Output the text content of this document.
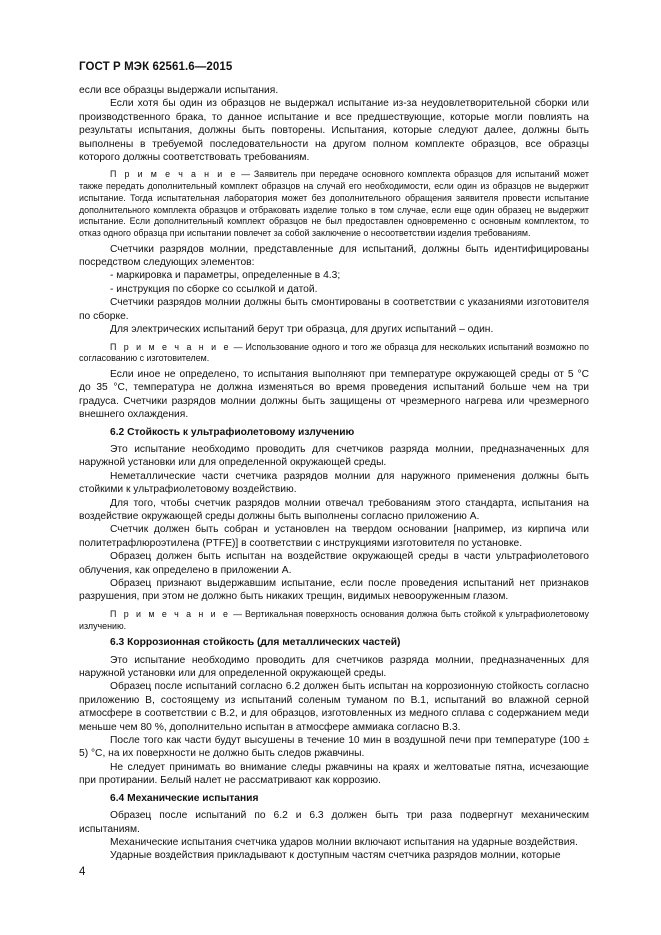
ГОСТ Р МЭК 62561.6—2015

если все образцы выдержали испытания.

Если хотя бы один из образцов не выдержал испытание из-за неудовлетворительной сборки или производственного брака, то данное испытание и все предшествующие, которые могли повлиять на результаты испытания, должны быть повторены. Испытания, которые следуют далее, должны быть выполнены в требуемой последовательности на другом полном комплекте образцов, все образцы которого должны соответствовать требованиям.

П р и м е ч а н и е — Заявитель при передаче основного комплекта образцов для испытаний может также передать дополнительный комплект образцов на случай его необходимости, если один из образцов не выдержит испытание. Тогда испытательная лаборатория может без дополнительного обращения заявителя провести испытание дополнительного комплекта образцов и отбраковать изделие только в том случае, если еще один образец не выдержит испытание. Если дополнительный комплект образцов не был предоставлен одновременно с основным комплектом, то отказ одного образца при испытании повлечет за собой заключение о несоответствии изделия требованиям.

Счетчики разрядов молнии, представленные для испытаний, должны быть идентифицированы посредством следующих элементов:

- маркировка и параметры, определенные в 4.3;

- инструкция по сборке со ссылкой и датой.

Счетчики разрядов молнии должны быть смонтированы в соответствии с указаниями изготовителя по сборке.

Для электрических испытаний берут три образца, для других испытаний – один.

П р и м е ч а н и е — Использование одного и того же образца для нескольких испытаний возможно по согласованию с изготовителем.

Если иное не определено, то испытания выполняют при температуре окружающей среды от 5 °С до 35 °С, температура не должна изменяться во время проведения испытаний больше чем на три градуса. Счетчики разрядов молнии должны быть защищены от чрезмерного нагрева или чрезмерного внешнего охлаждения.

6.2 Стойкость к ультрафиолетовому излучению

Это испытание необходимо проводить для счетчиков разряда молнии, предназначенных для наружной установки или для определенной окружающей среды.

Неметаллические части счетчика разрядов молнии для наружного применения должны быть стойкими к ультрафиолетовому воздействию.

Для того, чтобы счетчик разрядов молнии отвечал требованиям этого стандарта, испытания на воздействие окружающей среды должны быть выполнены согласно приложению А.

Счетчик должен быть собран и установлен на твердом основании [например, из кирпича или политетрафлюроэтилена (PTFE)] в соответствии с инструкциями изготовителя по установке.

Образец должен быть испытан на воздействие окружающей среды в части ультрафиолетового облучения, как определено в приложении А.

Образец признают выдержавшим испытание, если после проведения испытаний нет признаков разрушения, при этом не должно быть никаких трещин, видимых невооруженным глазом.

П р и м е ч а н и е — Вертикальная поверхность основания должна быть стойкой к ультрафиолетовому излучению.

6.3 Коррозионная стойкость (для металлических частей)

Это испытание необходимо проводить для счетчиков разряда молнии, предназначенных для наружной установки или для определенной окружающей среды.

Образец после испытаний согласно 6.2 должен быть испытан на коррозионную стойкость согласно приложению В, состоящему из испытаний соленым туманом по В.1, испытаний во влажной серной атмосфере в соответствии с В.2, и для образцов, изготовленных из медного сплава с содержанием меди меньше чем 80 %, дополнительно испытан в атмосфере аммиака согласно В.3.

После того как части будут высушены в течение 10 мин в воздушной печи при температуре (100 ± 5) °С, на их поверхности не должно быть следов ржавчины.

Не следует принимать во внимание следы ржавчины на краях и желтоватые пятна, исчезающие при протирании. Белый налет не рассматривают как коррозию.

6.4 Механические испытания

Образец после испытаний по 6.2 и 6.3 должен быть три раза подвергнут механическим испытаниям.

Механические испытания счетчика ударов молнии включают испытания на ударные воздействия.

Ударные воздействия прикладывают к доступным частям счетчика разрядов молнии, которые

4
